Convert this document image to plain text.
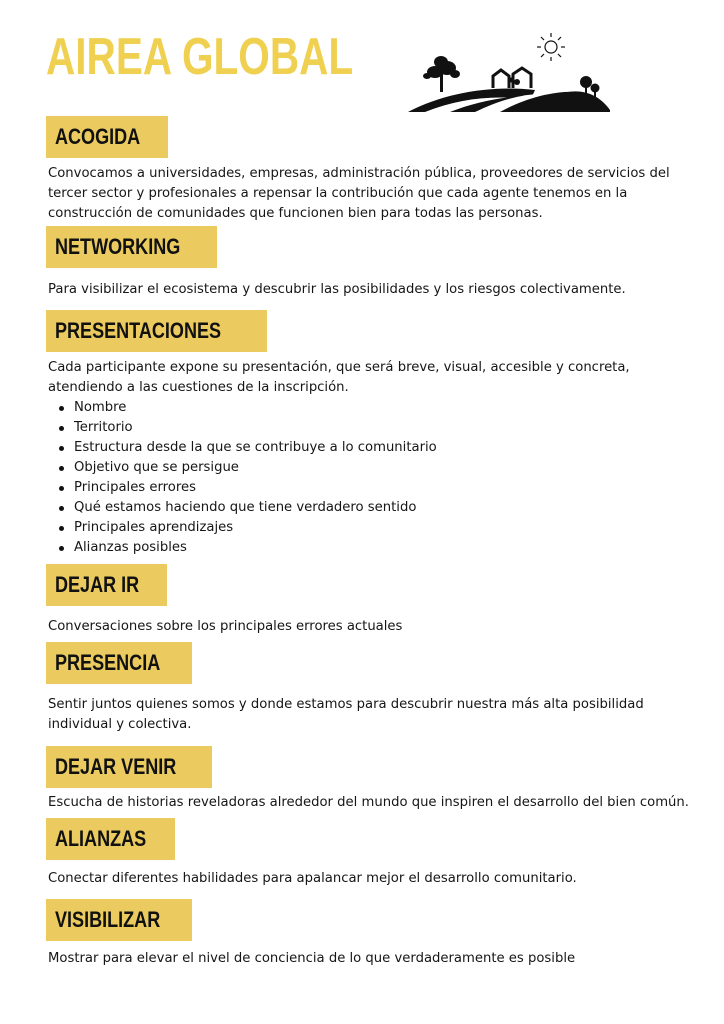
AIREA GLOBAL
ACOGIDA
Convocamos a universidades, empresas, administración pública, proveedores de servicios del tercer sector y profesionales a repensar la contribución que cada agente tenemos en la construcción de comunidades que funcionen bien para todas las personas.
NETWORKING
Para visibilizar el ecosistema y descubrir las posibilidades y los riesgos colectivamente.
PRESENTACIONES
Cada participante expone su presentación, que será breve, visual, accesible y concreta, atendiendo a las cuestiones de la inscripción.
Nombre
Territorio
Estructura desde la que se contribuye a lo comunitario
Objetivo que se persigue
Principales errores
Qué estamos haciendo que tiene verdadero sentido
Principales aprendizajes
Alianzas posibles
DEJAR IR
Conversaciones sobre los principales errores actuales
PRESENCIA
Sentir juntos quienes somos y donde estamos para descubrir nuestra más alta posibilidad individual y colectiva.
DEJAR VENIR
Escucha de historias reveladoras alrededor del mundo que inspiren el desarrollo del bien común.
ALIANZAS
Conectar diferentes habilidades para apalancar mejor el desarrollo comunitario.
VISIBILIZAR
Mostrar para elevar el nivel de conciencia de lo que verdaderamente es posible
